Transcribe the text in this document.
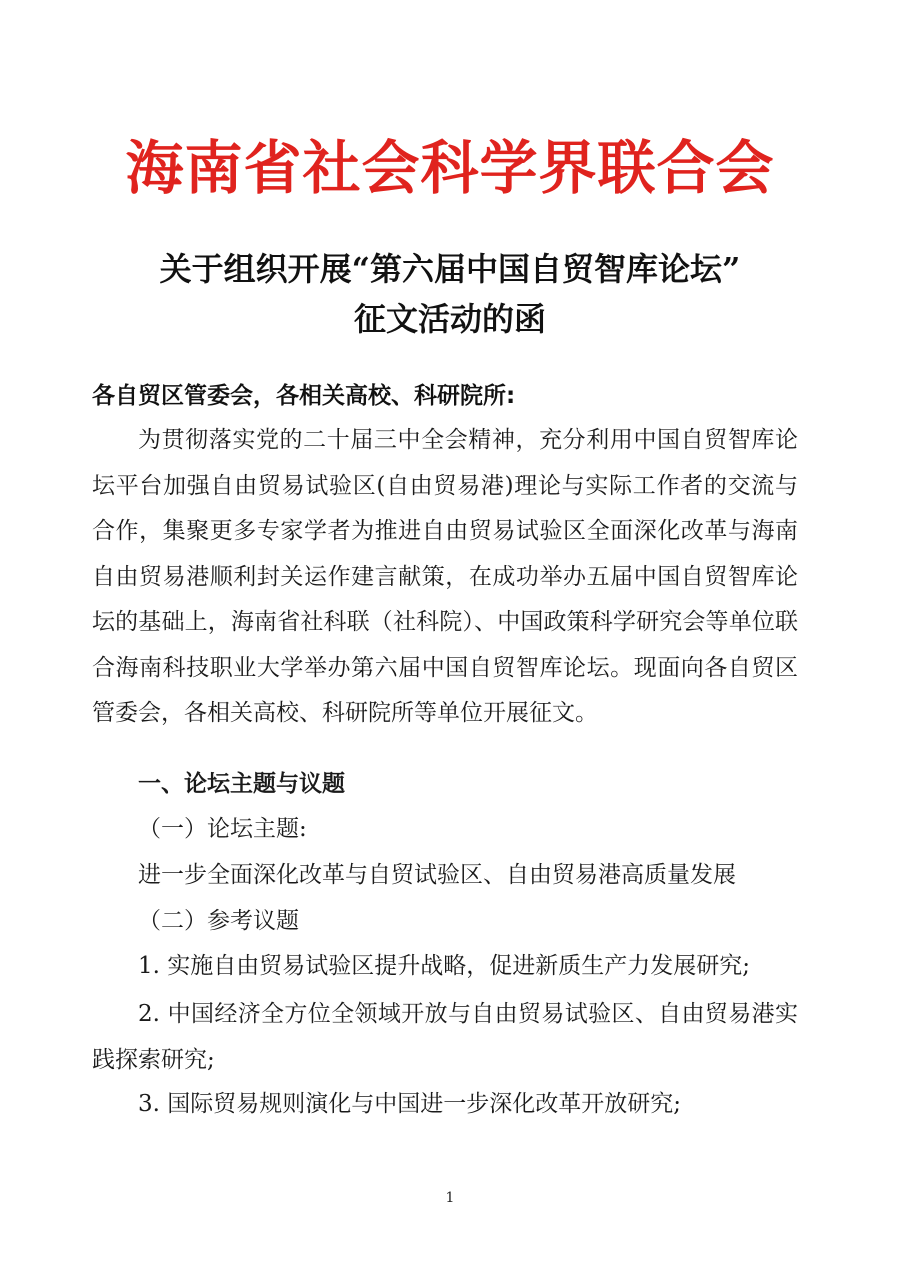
海南省社会科学界联合会
关于组织开展“第六届中国自贸智库论坛”
征文活动的函
各自贸区管委会，各相关高校、科研院所:

为贯彻落实党的二十届三中全会精神，充分利用中国自贸智库论坛平台加强自由贸易试验区(自由贸易港)理论与实际工作者的交流与合作，集聚更多专家学者为推进自由贸易试验区全面深化改革与海南自由贸易港顺利封关运作建言献策，在成功举办五届中国自贸智库论坛的基础上，海南省社科联（社科院）、中国政策科学研究会等单位联合海南科技职业大学举办第六届中国自贸智库论坛。现面向各自贸区管委会，各相关高校、科研院所等单位开展征文。

一、论坛主题与议题
（一）论坛主题:
进一步全面深化改革与自贸试验区、自由贸易港高质量发展
（二）参考议题
1. 实施自由贸易试验区提升战略，促进新质生产力发展研究;

2. 中国经济全方位全领域开放与自由贸易试验区、自由贸易港实践探索研究;

3. 国际贸易规则演化与中国进一步深化改革开放研究;
1
